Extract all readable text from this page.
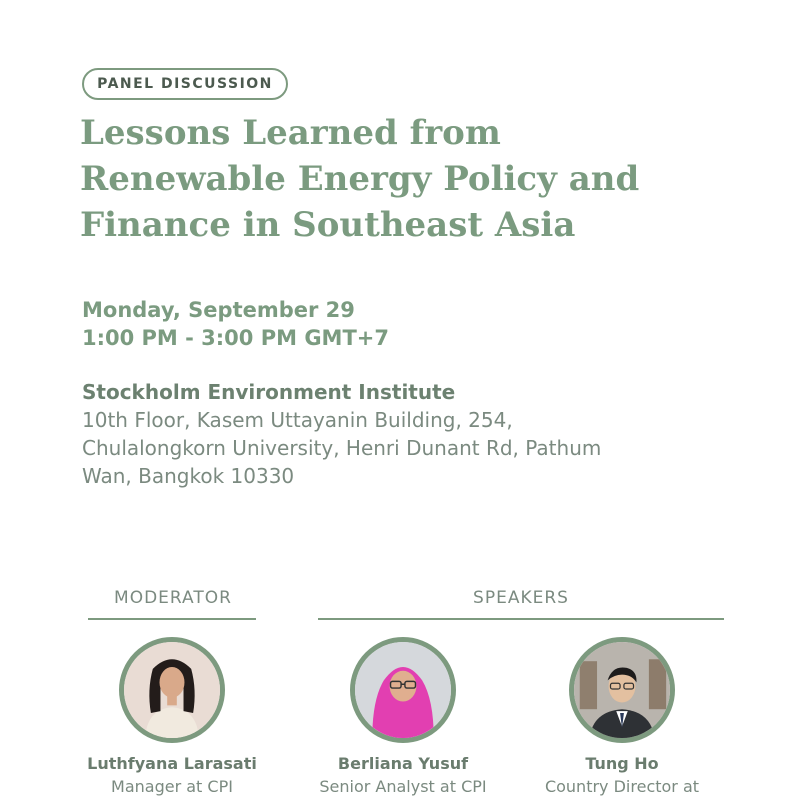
PANEL DISCUSSION
Lessons Learned from
Renewable Energy Policy and
Finance in Southeast Asia
Monday, September 29
1:00 PM - 3:00 PM GMT+7
Stockholm Environment Institute
10th Floor, Kasem Uttayanin Building, 254,
Chulalongkorn University, Henri Dunant Rd, Pathum
Wan, Bangkok 10330
MODERATOR	SPEAKERS
Luthfyana Larasati
Manager at CPI
Berliana Yusuf
Senior Analyst at CPI
Tung Ho
Country Director at
